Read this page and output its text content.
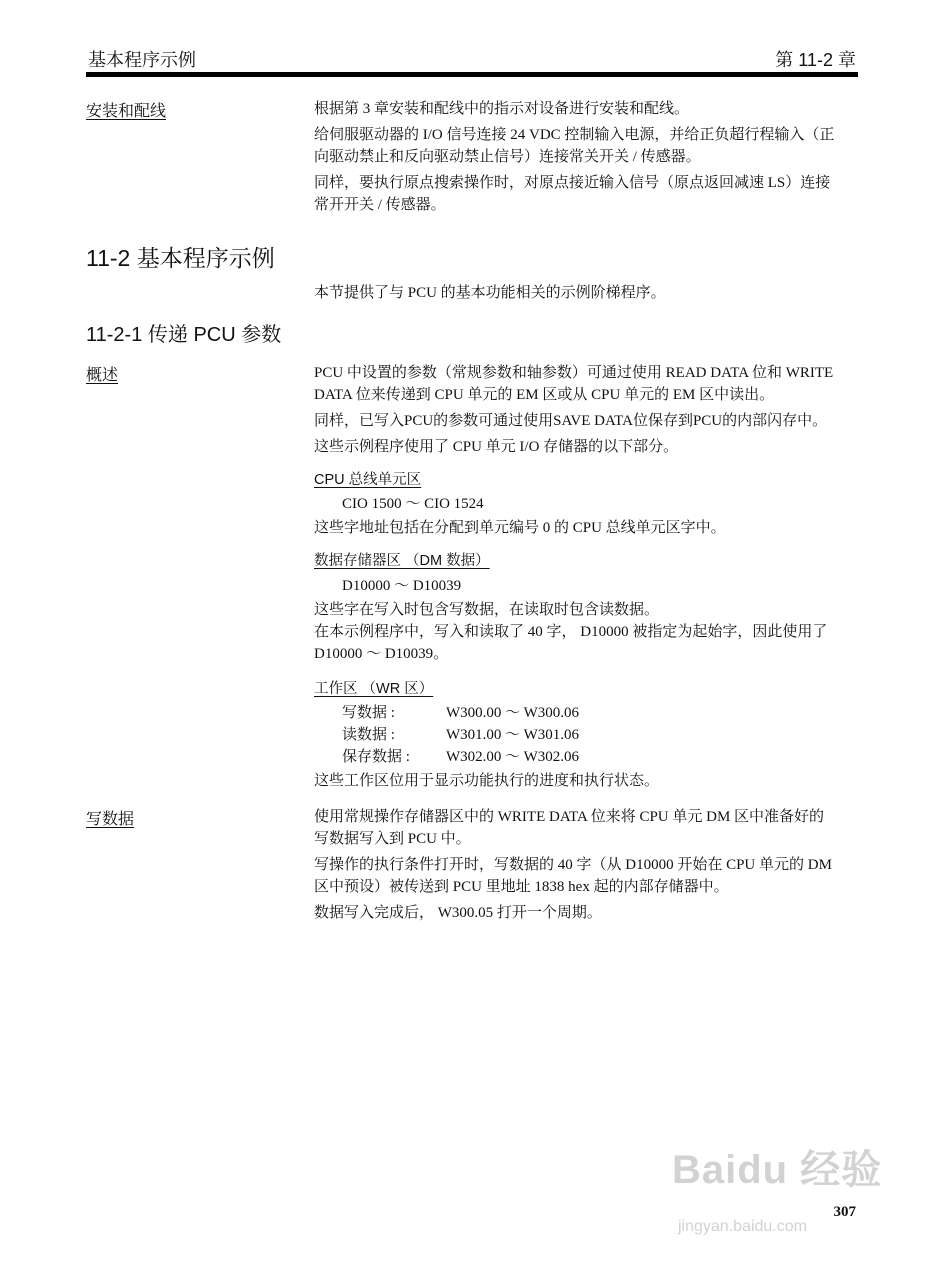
基本程序示例	第 11-2 章
安装和配线	根据第 3 章安装和配线中的指示对设备进行安装和配线。

给伺服驱动器的 I/O 信号连接 24 VDC 控制输入电源，并给正负超行程输入（正

向驱动禁止和反向驱动禁止信号）连接常关开关 / 传感器。

同样，要执行原点搜索操作时，对原点接近输入信号（原点返回减速 LS）连接

常开开关 / 传感器。

11-2 基本程序示例

本节提供了与 PCU 的基本功能相关的示例阶梯程序。

11-2-1 传递 PCU 参数
概述	PCU 中设置的参数（常规参数和轴参数）可通过使用 READ DATA 位和 WRITE

DATA 位来传递到 CPU 单元的 EM 区或从 CPU 单元的 EM 区中读出。

同样，已写入PCU的参数可通过使用SAVE DATA位保存到PCU的内部闪存中。

这些示例程序使用了 CPU 单元 I/O 存储器的以下部分。

CPU 总线单元区
CIO 1500 ～ CIO 1524

这些字地址包括在分配到单元编号 0 的 CPU 总线单元区字中。

数据存储器区 （DM 数据）
D10000 ～ D10039

这些字在写入时包含写数据，在读取时包含读数据。

在本示例程序中，写入和读取了 40 字， D10000 被指定为起始字，因此使用了

D10000 ～ D10039。

工作区 （WR 区）
写数据 :	W300.00 ～ W300.06
读数据 :	W301.00 ～ W301.06
保存数据 : W302.00 ～ W302.06

这些工作区位用于显示功能执行的进度和执行状态。

写数据	使用常规操作存储器区中的 WRITE DATA 位来将 CPU 单元 DM 区中准备好的

写数据写入到 PCU 中。

写操作的执行条件打开时，写数据的 40 字（从 D10000 开始在 CPU 单元的 DM

区中预设）被传送到 PCU 里地址 1838 hex 起的内部存储器中。

数据写入完成后， W300.05 打开一个周期。

Baidu 经验
jingyan.baidu.com
307
